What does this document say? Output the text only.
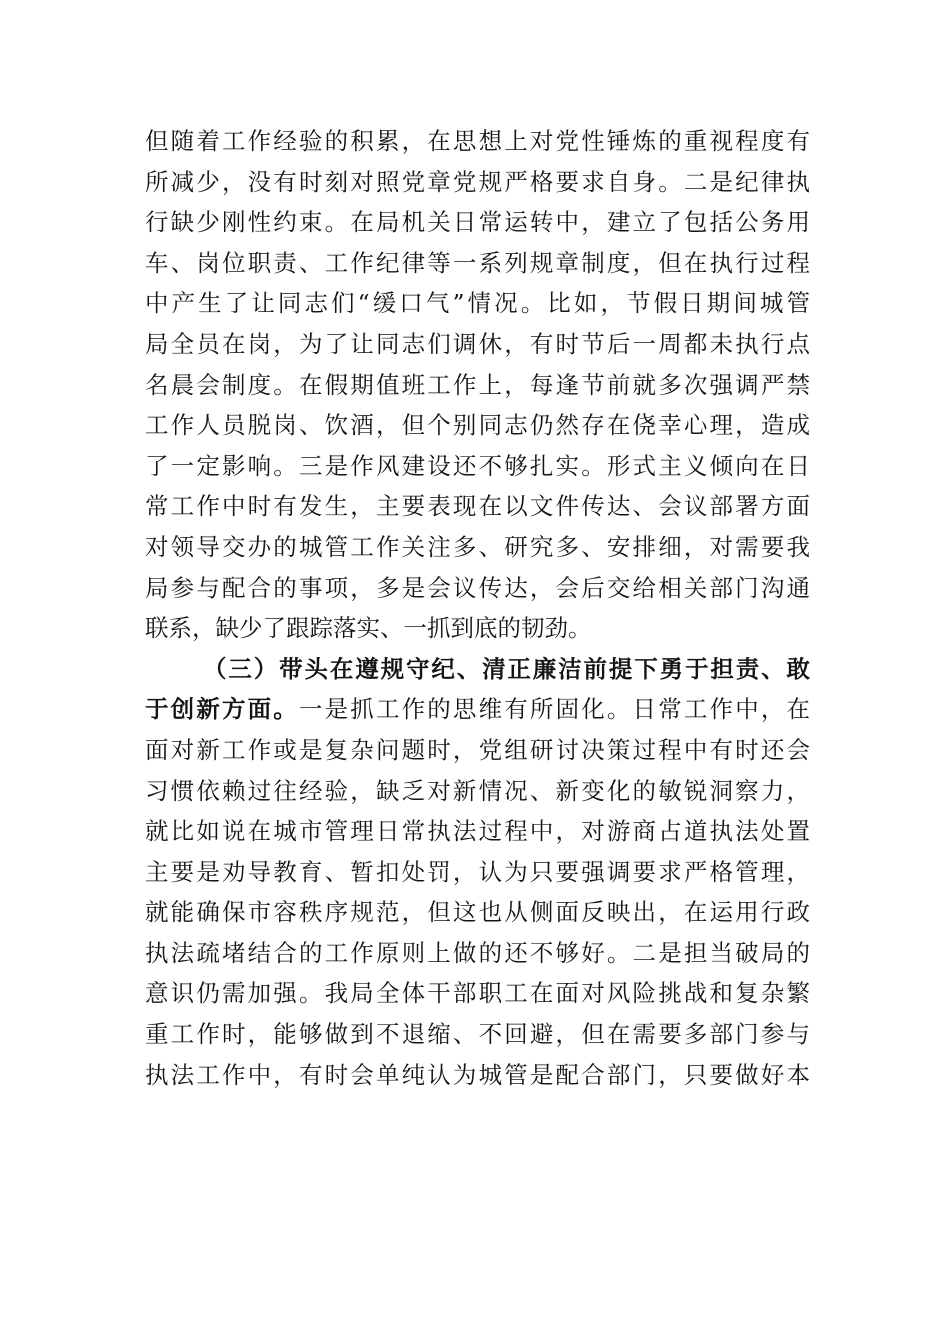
但随着工作经验的积累，在思想上对党性锤炼的重视程度有
所减少，没有时刻对照党章党规严格要求自身。二是纪律执
行缺少刚性约束。在局机关日常运转中，建立了包括公务用
车、岗位职责、工作纪律等一系列规章制度，但在执行过程
中产生了让同志们“缓口气”情况。比如，节假日期间城管
局全员在岗，为了让同志们调休，有时节后一周都未执行点
名晨会制度。在假期值班工作上，每逢节前就多次强调严禁
工作人员脱岗、饮酒，但个别同志仍然存在侥幸心理，造成
了一定影响。三是作风建设还不够扎实。形式主义倾向在日
常工作中时有发生，主要表现在以文件传达、会议部署方面
对领导交办的城管工作关注多、研究多、安排细，对需要我
局参与配合的事项，多是会议传达，会后交给相关部门沟通
联系，缺少了跟踪落实、一抓到底的韧劲。
（三）带头在遵规守纪、清正廉洁前提下勇于担责、敢
于创新方面。一是抓工作的思维有所固化。日常工作中，在
面对新工作或是复杂问题时，党组研讨决策过程中有时还会
习惯依赖过往经验，缺乏对新情况、新变化的敏锐洞察力，
就比如说在城市管理日常执法过程中，对游商占道执法处置
主要是劝导教育、暂扣处罚，认为只要强调要求严格管理，
就能确保市容秩序规范，但这也从侧面反映出，在运用行政
执法疏堵结合的工作原则上做的还不够好。二是担当破局的
意识仍需加强。我局全体干部职工在面对风险挑战和复杂繁
重工作时，能够做到不退缩、不回避，但在需要多部门参与
执法工作中，有时会单纯认为城管是配合部门，只要做好本
